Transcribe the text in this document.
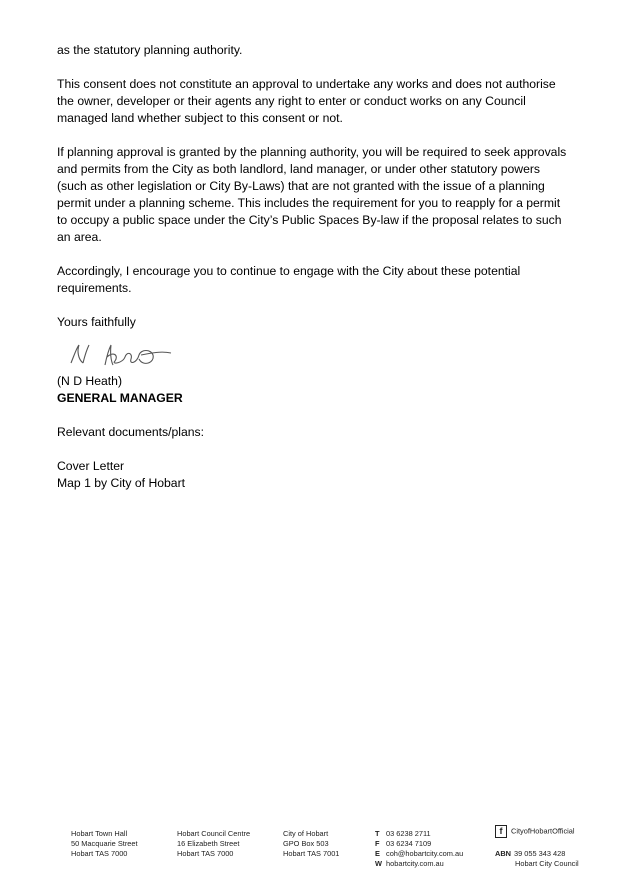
as the statutory planning authority.

This consent does not constitute an approval to undertake any works and does not authorise the owner, developer or their agents any right to enter or conduct works on any Council managed land whether subject to this consent or not.

If planning approval is granted by the planning authority, you will be required to seek approvals and permits from the City as both landlord, land manager, or under other statutory powers (such as other legislation or City By-Laws) that are not granted with the issue of a planning permit under a planning scheme. This includes the requirement for you to reapply for a permit to occupy a public space under the City’s Public Spaces By-law if the proposal relates to such an area.

Accordingly, I encourage you to continue to engage with the City about these potential requirements.

Yours faithfully

(N D Heath)

GENERAL MANAGER

Relevant documents/plans:

Cover Letter

Map 1 by City of Hobart

Hobart Town Hall
50 Macquarie Street
Hobart TAS 7000
Hobart Council Centre
16 Elizabeth Street
Hobart TAS 7000
City of Hobart
GPO Box 503
Hobart TAS 7001
T 03 6238 2711
F 03 6234 7109
E coh@hobartcity.com.au
W hobartcity.com.au
f CityofHobartOfficial
ABN 39 055 343 428
Hobart City Council
